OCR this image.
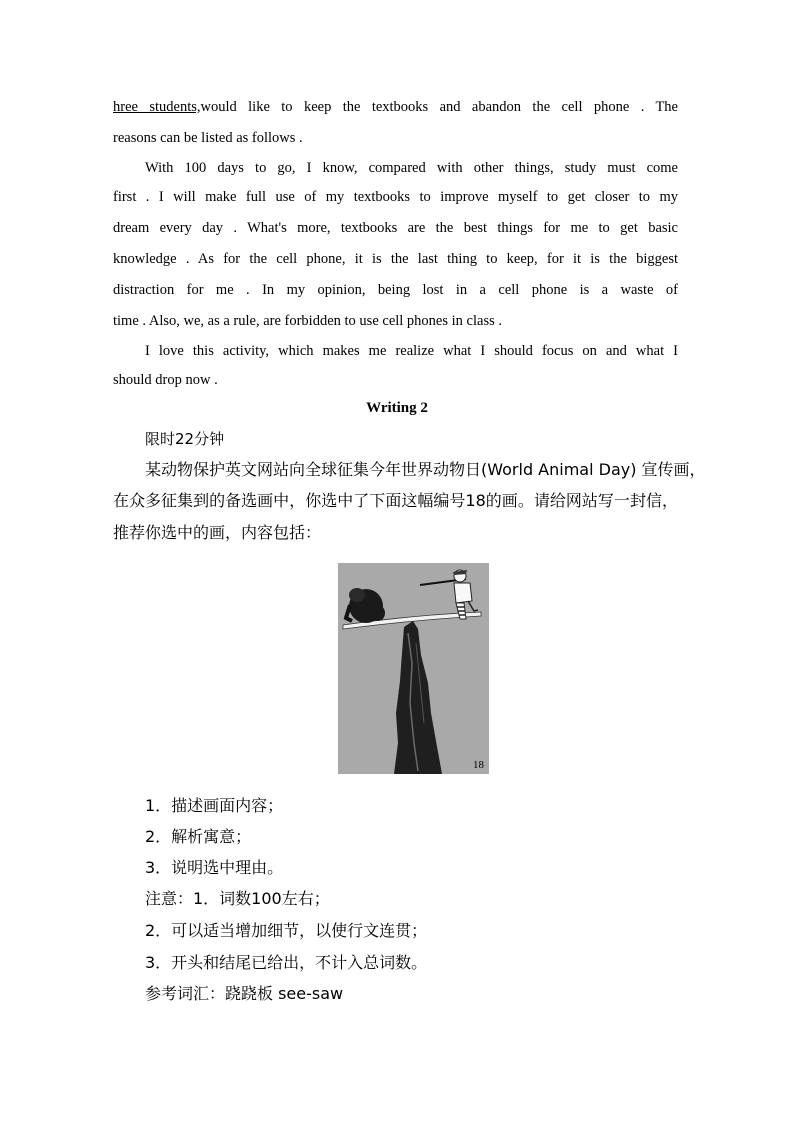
hree students,would like to keep the textbooks and abandon the cell phone . The
reasons can be listed as follows .
With 100 days to go, I know, compared with other things, study must come
first . I will make full use of my textbooks to improve myself to get closer to my
dream every day . What's more, textbooks are the best things for me to get basic
knowledge . As for the cell phone, it is the last thing to keep, for it is the biggest
distraction for me . In my opinion, being lost in a cell phone is a waste of
time . Also, we, as a rule, are forbidden to use cell phones in class .
I love this activity, which makes me realize what I should focus on and what I
should drop now .
Writing 2
限时22分钟
某动物保护英文网站向全球征集今年世界动物日(World Animal Day) 宣传画，
在众多征集到的备选画中，你选中了下面这幅编号18的画。请给网站写一封信，
推荐你选中的画，内容包括：
18
1．描述画面内容；
2．解析寓意；
3．说明选中理由。
注意：1．词数100左右；
2．可以适当增加细节，以使行文连贯；
3．开头和结尾已给出，不计入总词数。
参考词汇：跷跷板 see-saw
